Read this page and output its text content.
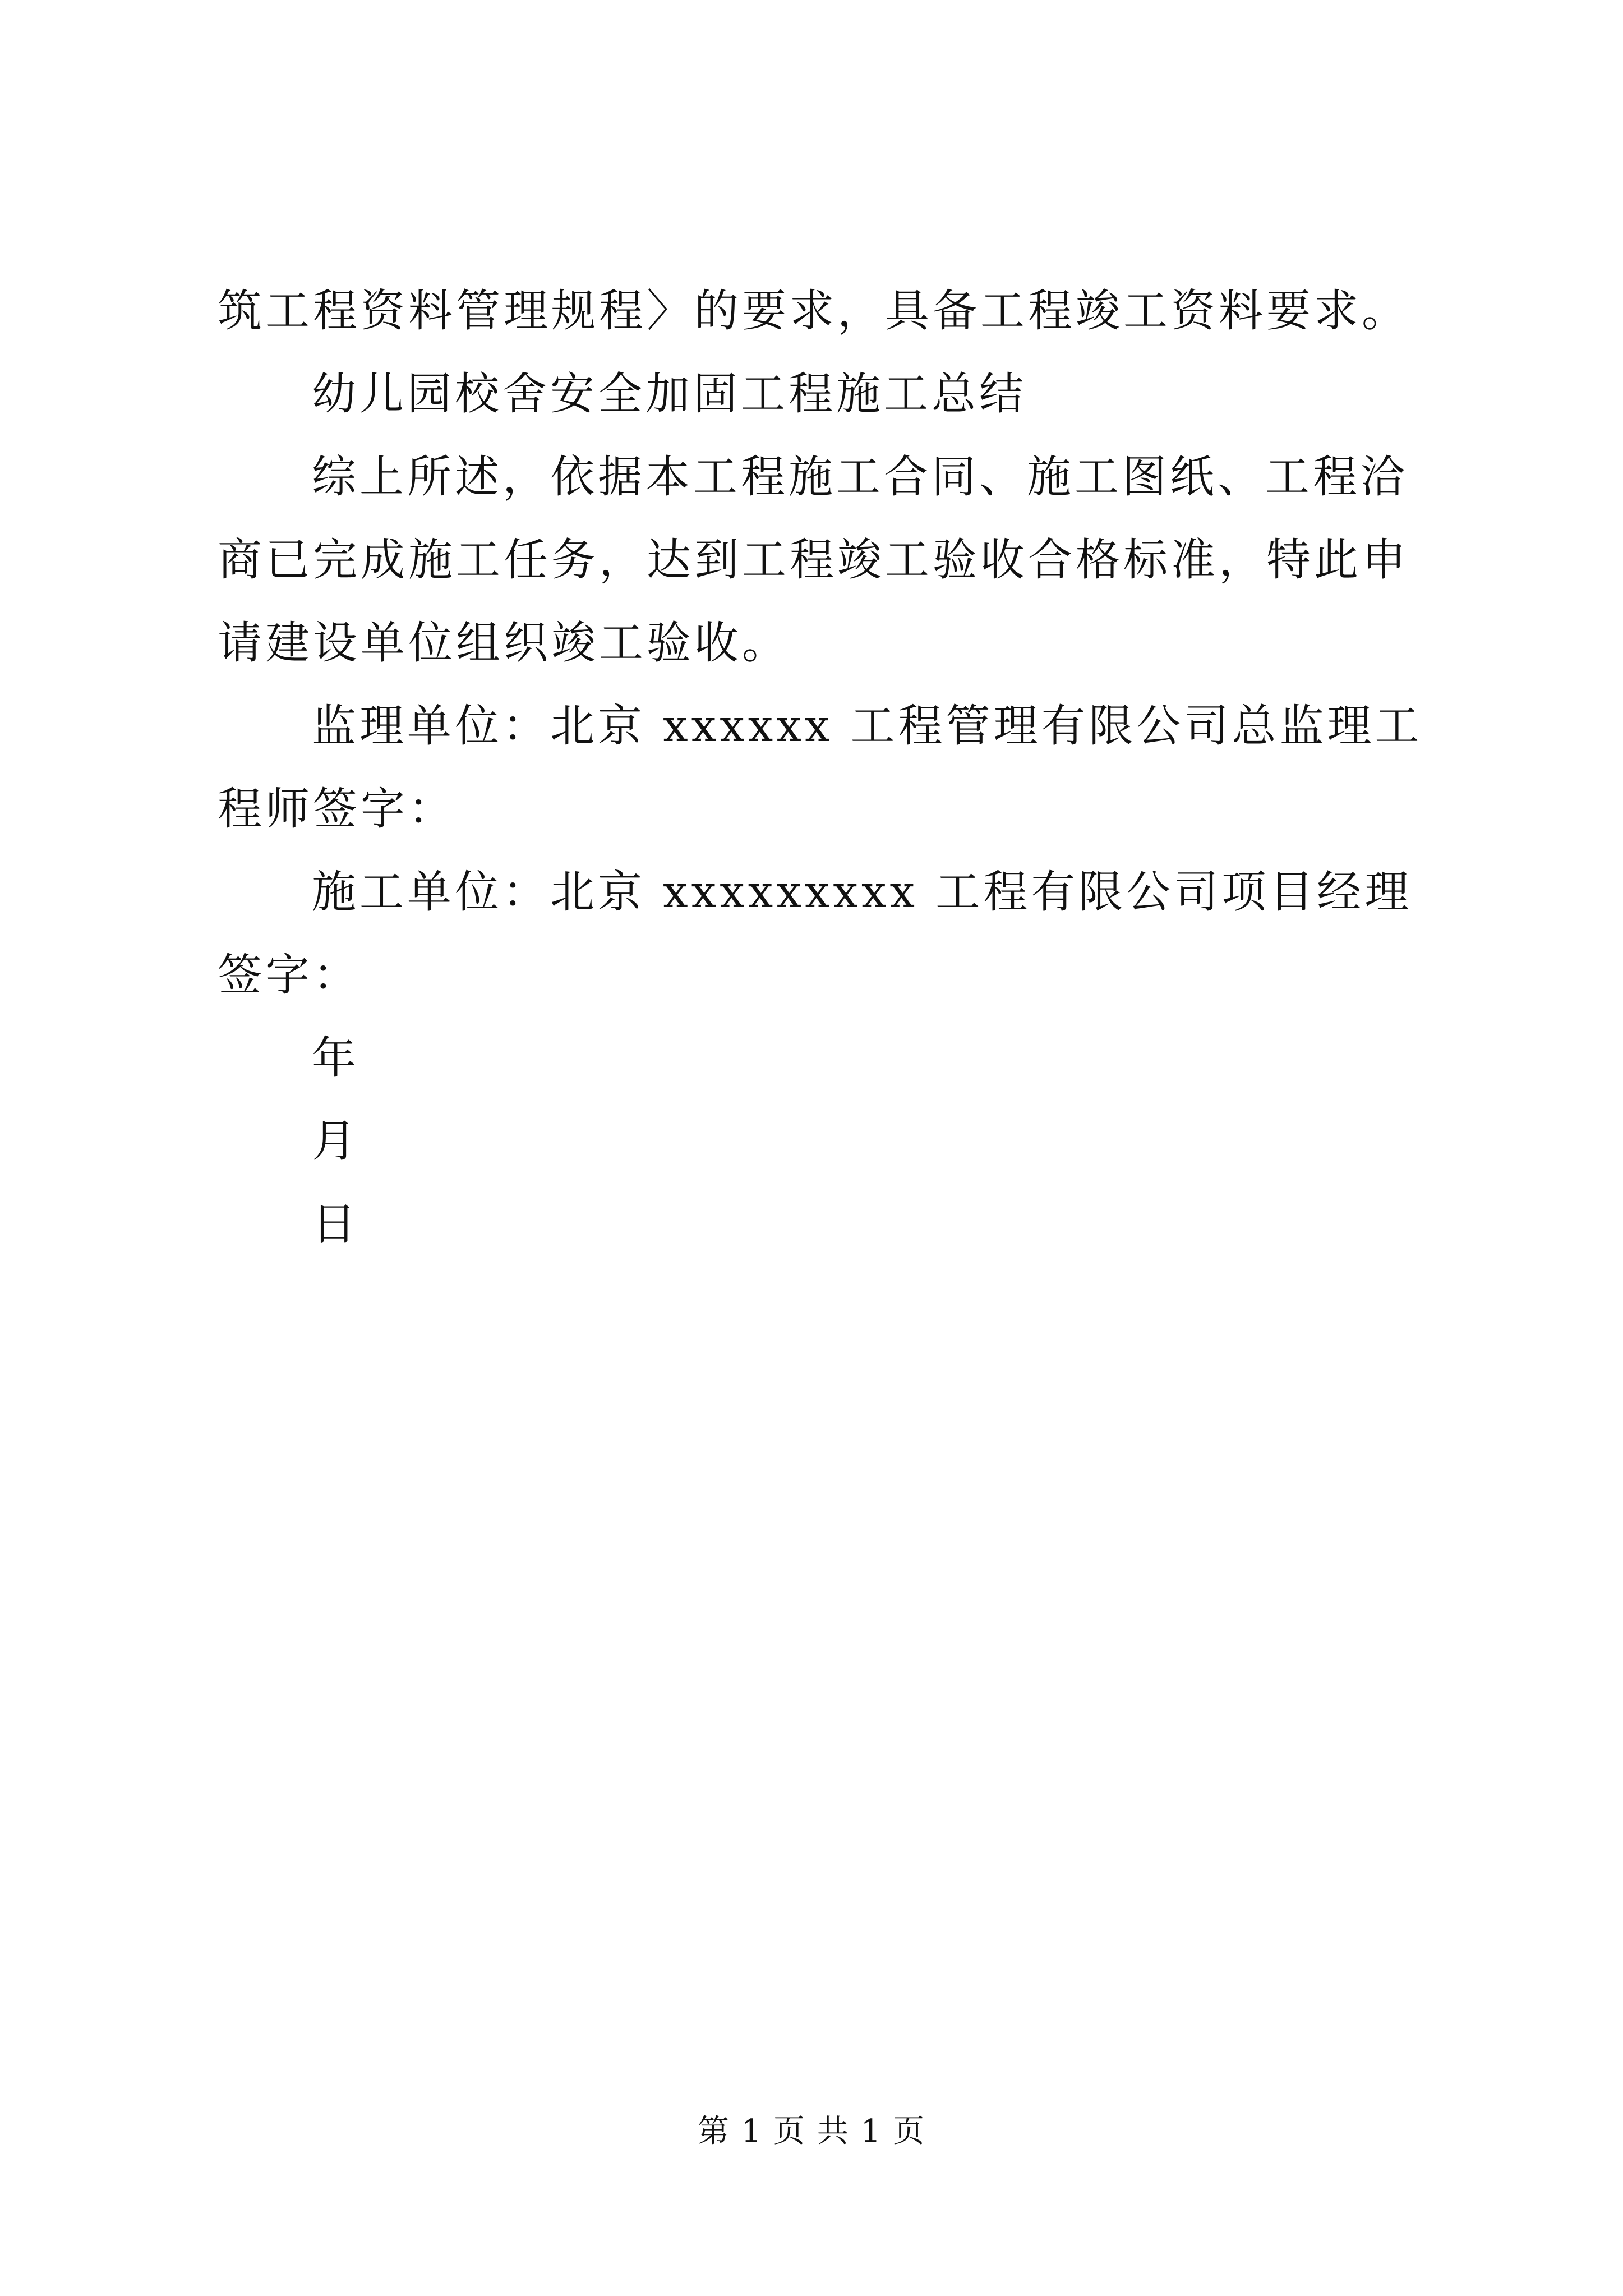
筑工程资料管理规程〉的要求，具备工程竣工资料要求。

幼儿园校舍安全加固工程施工总结

综上所述，依据本工程施工合同、施工图纸、工程洽商已完成施工任务，达到工程竣工验收合格标准，特此申请建设单位组织竣工验收。

监理单位：北京 xxxxxx 工程管理有限公司总监理工程师签字：

施工单位：北京 xxxxxxxxx 工程有限公司项目经理签字：

年

月

日

第 1 页 共 1 页
